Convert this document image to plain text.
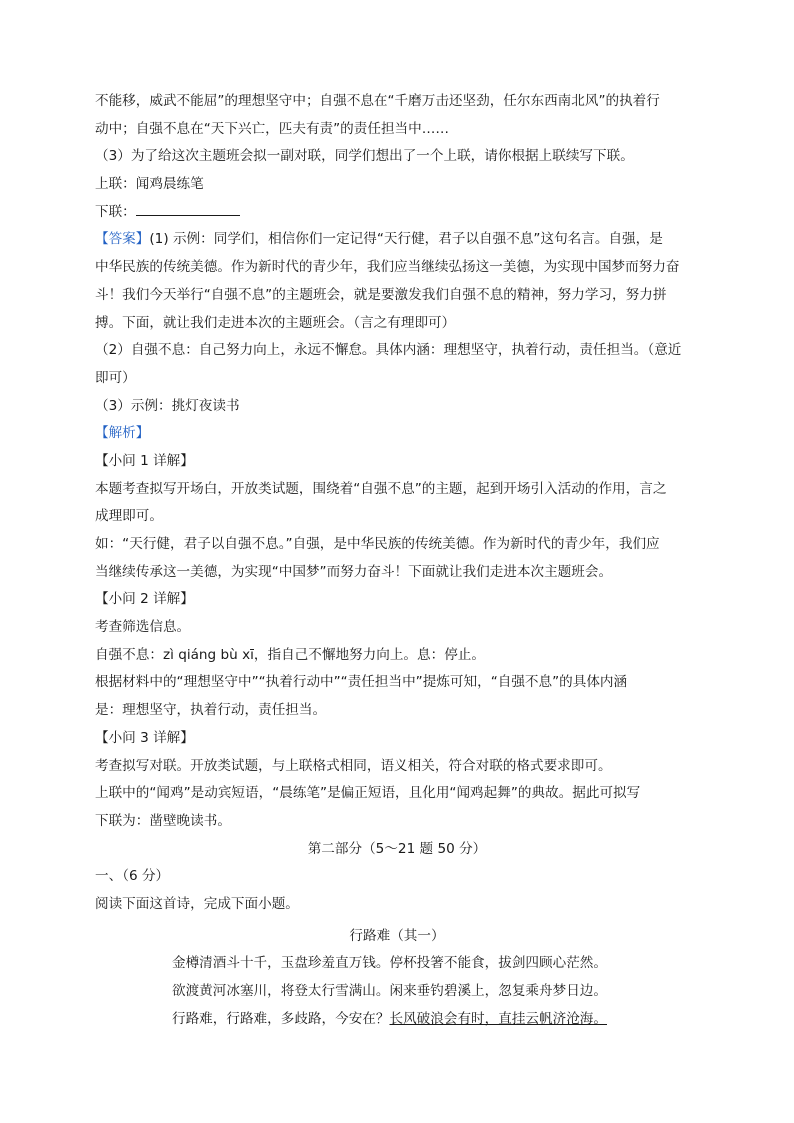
不能移，威武不能屈”的理想坚守中；自强不息在“千磨万击还坚劲，任尔东西南北风”的执着行
动中；自强不息在“天下兴亡，匹夫有责”的责任担当中……
（3）为了给这次主题班会拟一副对联，同学们想出了一个上联，请你根据上联续写下联。
上联：闻鸡晨练笔
下联：
【答案】(1) 示例：同学们，相信你们一定记得“天行健，君子以自强不息”这句名言。自强，是
中华民族的传统美德。作为新时代的青少年，我们应当继续弘扬这一美德，为实现中国梦而努力奋
斗！我们今天举行“自强不息”的主题班会，就是要激发我们自强不息的精神，努力学习，努力拼
搏。下面，就让我们走进本次的主题班会。（言之有理即可）
（2）自强不息：自己努力向上，永远不懈怠。具体内涵：理想坚守，执着行动，责任担当。（意近
即可）
（3）示例：挑灯夜读书
【解析】
【小问 1 详解】
本题考查拟写开场白，开放类试题，围绕着“自强不息”的主题，起到开场引入活动的作用，言之
成理即可。
如：“天行健，君子以自强不息。”自强，是中华民族的传统美德。作为新时代的青少年，我们应
当继续传承这一美德，为实现“中国梦”而努力奋斗！下面就让我们走进本次主题班会。
【小问 2 详解】
考查筛选信息。
自强不息：zì qiáng bù xī，指自己不懈地努力向上。息：停止。
根据材料中的“理想坚守中”“执着行动中”“责任担当中”提炼可知，“自强不息”的具体内涵
是：理想坚守，执着行动，责任担当。
【小问 3 详解】
考查拟写对联。开放类试题，与上联格式相同，语义相关，符合对联的格式要求即可。
上联中的“闻鸡”是动宾短语，“晨练笔”是偏正短语，且化用“闻鸡起舞”的典故。据此可拟写
下联为：凿壁晚读书。
第二部分（5～21 题 50 分）
一、（6 分）
阅读下面这首诗，完成下面小题。
行路难（其一）
金樽清酒斗十千，玉盘珍羞直万钱。停杯投箸不能食，拔剑四顾心茫然。
欲渡黄河冰塞川，将登太行雪满山。闲来垂钓碧溪上，忽复乘舟梦日边。
行路难，行路难，多歧路，今安在？长风破浪会有时，直挂云帆济沧海。
